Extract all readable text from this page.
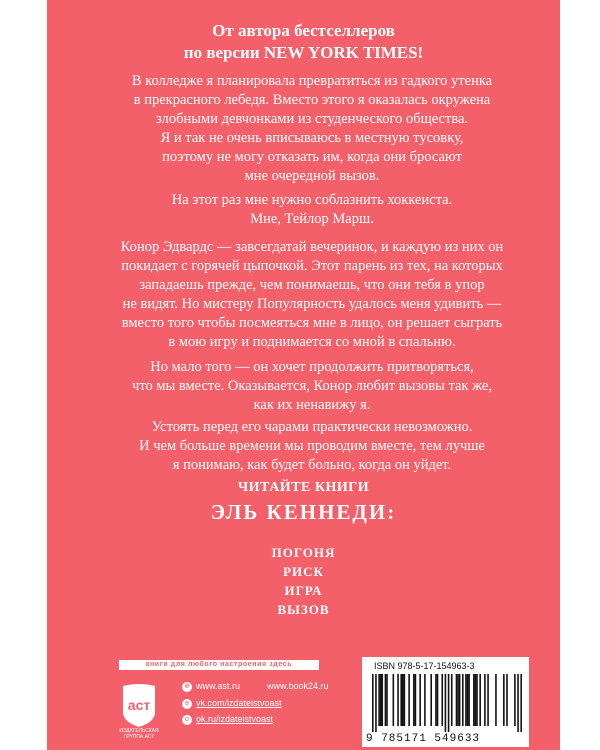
От автора бестселлеров
по версии NEW YORK TIMES!
В колледже я планировала превратиться из гадкого утенка
в прекрасного лебедя. Вместо этого я оказалась окружена
злобными девчонками из студенческого общества.
Я и так не очень вписываюсь в местную тусовку,
поэтому не могу отказать им, когда они бросают
мне очередной вызов.
На этот раз мне нужно соблазнить хоккеиста.
Мне, Тейлор Марш.
Конор Эдвардс — завсегдатай вечеринок, и каждую из них он
покидает с горячей цыпочкой. Этот парень из тех, на которых
западаешь прежде, чем понимаешь, что они тебя в упор
не видят. Но мистеру Популярность удалось меня удивить —
вместо того чтобы посмеяться мне в лицо, он решает сыграть
в мою игру и поднимается со мной в спальню.
Но мало того — он хочет продолжить притворяться,
что мы вместе. Оказывается, Конор любит вызовы так же,
как их ненавижу я.
Устоять перед его чарами практически невозможно.
И чем больше времени мы проводим вместе, тем лучше
я понимаю, как будет больно, когда он уйдет.
ЧИТАЙТЕ КНИГИ
ЭЛЬ КЕННЕДИ:
ПОГОНЯ
РИСК
ИГРА
ВЫЗОВ
книги для любого настроения здесь
аст
ИЗДАТЕЛЬСКАЯ ГРУППА АСТ
⊕ www.ast.ru	www.book24.ru
в vk.com/izdateistvoast
о ok.ru/izdateistvoast
ISBN 978-5-17-154963-3
9 785171 549633
